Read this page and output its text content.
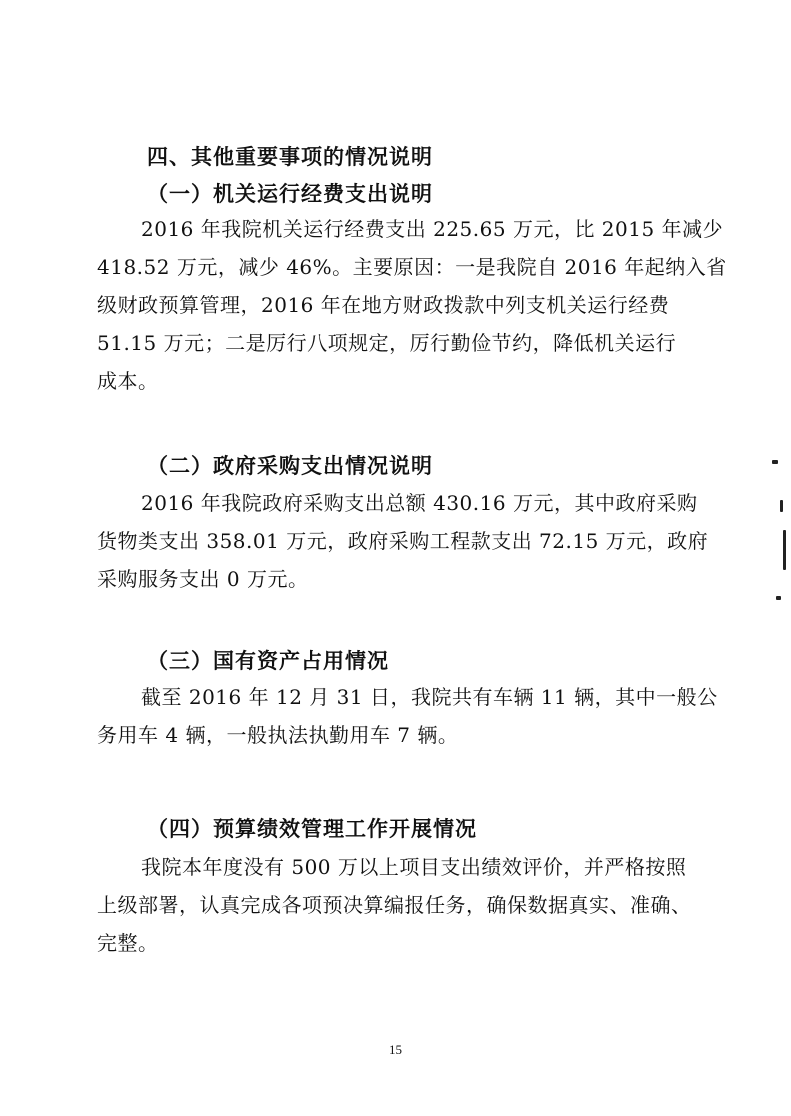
四、其他重要事项的情况说明
（一）机关运行经费支出说明
2016 年我院机关运行经费支出 225.65 万元，比 2015 年减少
418.52 万元，减少 46%。主要原因：一是我院自 2016 年起纳入省
级财政预算管理，2016 年在地方财政拨款中列支机关运行经费
51.15 万元；二是厉行八项规定，厉行勤俭节约，降低机关运行
成本。
（二）政府采购支出情况说明
2016 年我院政府采购支出总额 430.16 万元，其中政府采购
货物类支出 358.01 万元，政府采购工程款支出 72.15 万元，政府
采购服务支出 0 万元。
（三）国有资产占用情况
截至 2016 年 12 月 31 日，我院共有车辆 11 辆，其中一般公
务用车 4 辆，一般执法执勤用车 7 辆。
（四）预算绩效管理工作开展情况
我院本年度没有 500 万以上项目支出绩效评价，并严格按照
上级部署，认真完成各项预决算编报任务，确保数据真实、准确、
完整。
15
